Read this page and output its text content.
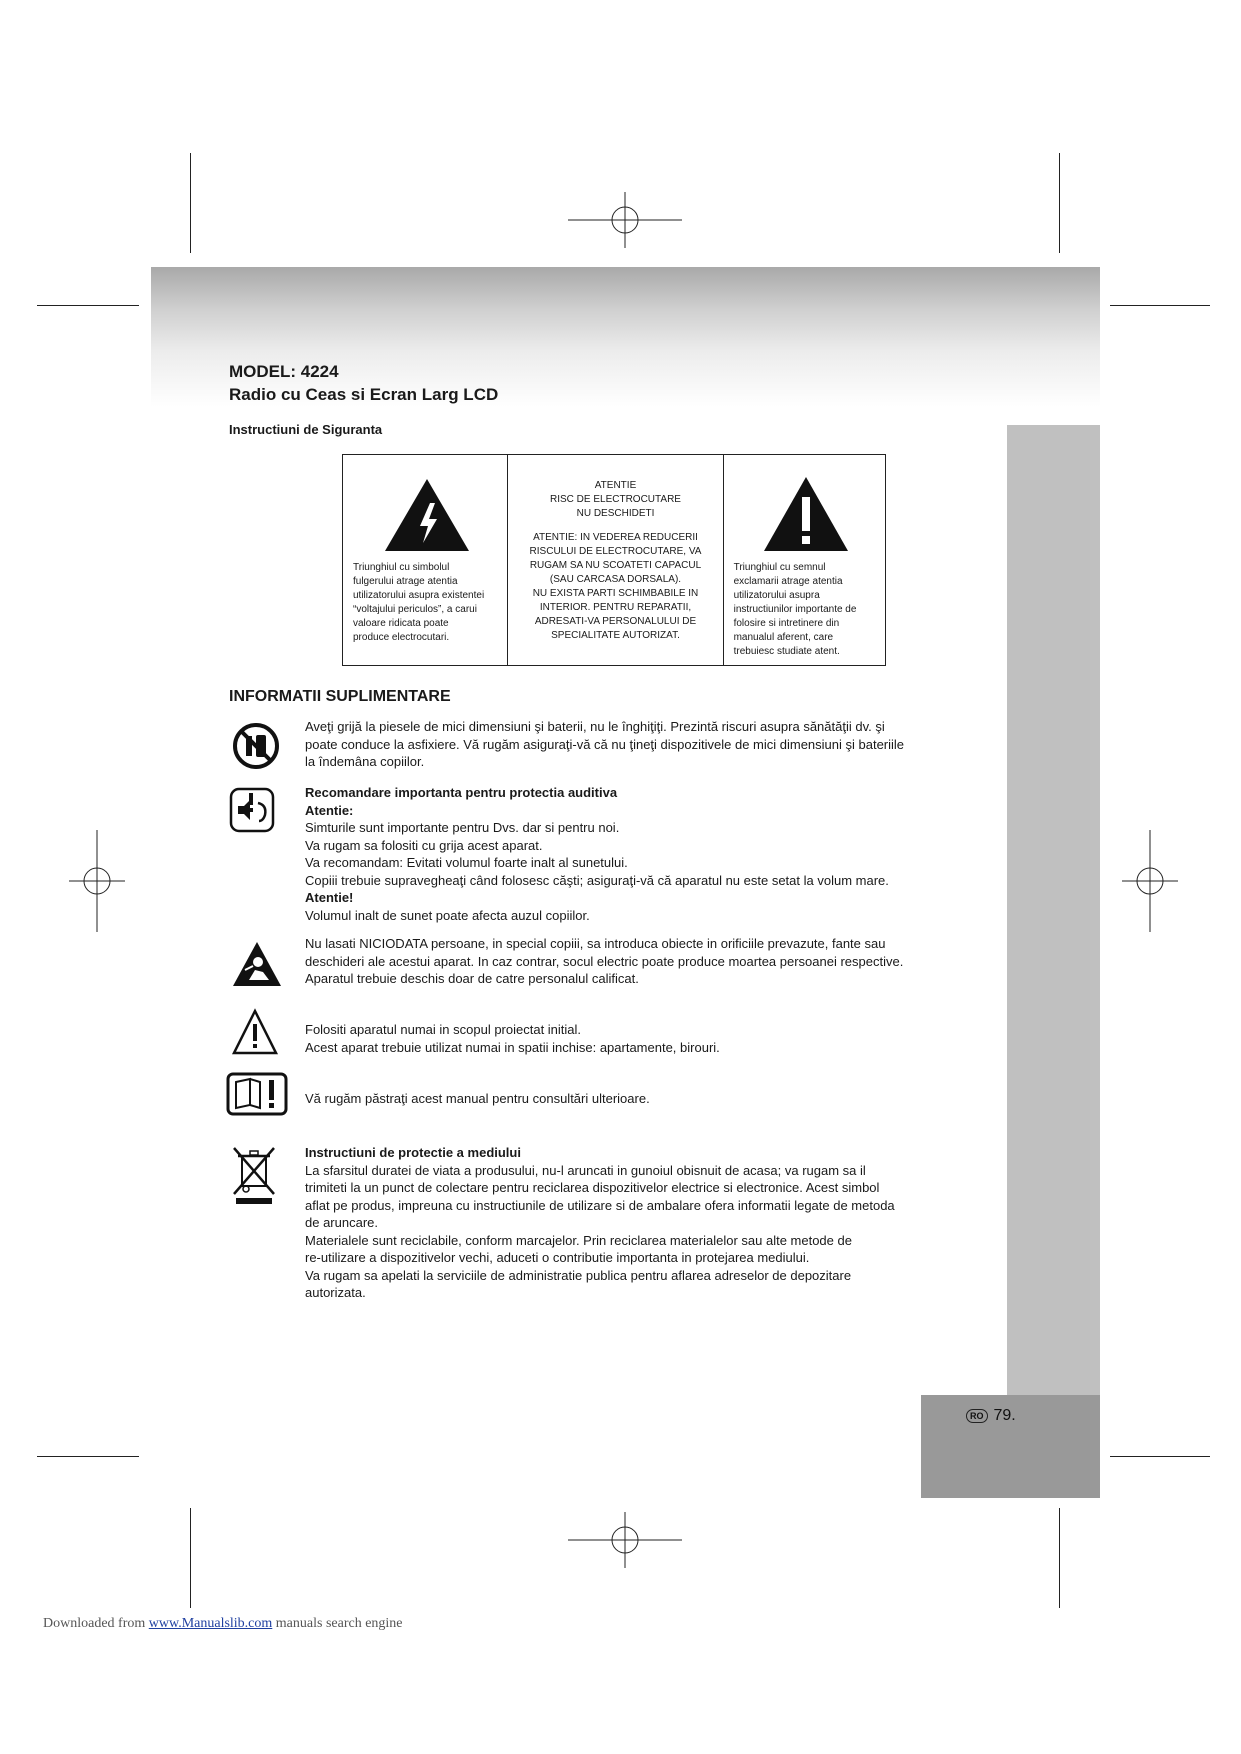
RO 79.
MODEL: 4224
Radio cu Ceas si Ecran Larg LCD
Instructiuni de Siguranta
Triunghiul cu simbolul
fulgerului atrage atentia
utilizatorului asupra existentei
“voltajului periculos”, a carui
valoare ridicata poate
produce electrocutari.
ATENTIE
RISC DE ELECTROCUTARE
NU DESCHIDETI
ATENTIE: IN VEDEREA REDUCERII
RISCULUI DE ELECTROCUTARE, VA
RUGAM SA NU SCOATETI CAPACUL
(SAU CARCASA DORSALA).
NU EXISTA PARTI SCHIMBABILE IN
INTERIOR. PENTRU REPARATII,
ADRESATI-VA PERSONALULUI DE
SPECIALITATE AUTORIZAT.
Triunghiul cu semnul
exclamarii atrage atentia
utilizatorului asupra
instructiunilor importante de
folosire si intretinere din
manualul aferent, care
trebuiesc studiate atent.
INFORMATII SUPLIMENTARE
Aveţi grijă la piesele de mici dimensiuni şi baterii, nu le înghiţiţi. Prezintă riscuri asupra sănătăţii dv. şi
poate conduce la asfixiere. Vă rugăm asiguraţi-vă că nu ţineţi dispozitivele de mici dimensiuni şi bateriile
la îndemâna copiilor.
Recomandare importanta pentru protectia auditiva
Atentie:
Simturile sunt importante pentru Dvs. dar si pentru noi.
Va rugam sa folositi cu grija acest aparat.
Va recomandam: Evitati volumul foarte inalt al sunetului.
Copiii trebuie supravegheaţi când folosesc căşti; asiguraţi-vă că aparatul nu este setat la volum mare.
Atentie!
Volumul inalt de sunet poate afecta auzul copiilor.
Nu lasati NICIODATA persoane, in special copiii, sa introduca obiecte in orificiile prevazute, fante sau
deschideri ale acestui aparat. In caz contrar, socul electric poate produce moartea persoanei respective.
Aparatul trebuie deschis doar de catre personalul calificat.
Folositi aparatul numai in scopul proiectat initial.
Acest aparat trebuie utilizat numai in spatii inchise: apartamente, birouri.
Vă rugăm păstraţi acest manual pentru consultări ulterioare.
Instructiuni de protectie a mediului
La sfarsitul duratei de viata a produsului, nu-l aruncati in gunoiul obisnuit de acasa; va rugam sa il
trimiteti la un punct de colectare pentru reciclarea dispozitivelor electrice si electronice. Acest simbol
aflat pe produs, impreuna cu instructiunile de utilizare si de ambalare ofera informatii legate de metoda
de aruncare.
Materialele sunt reciclabile, conform marcajelor. Prin reciclarea materialelor sau alte metode de
re-utilizare a dispozitivelor vechi, aduceti o contributie importanta in protejarea mediului.
Va rugam sa apelati la serviciile de administratie publica pentru aflarea adreselor de depozitare
autorizata.
Downloaded from www.Manualslib.com manuals search engine
